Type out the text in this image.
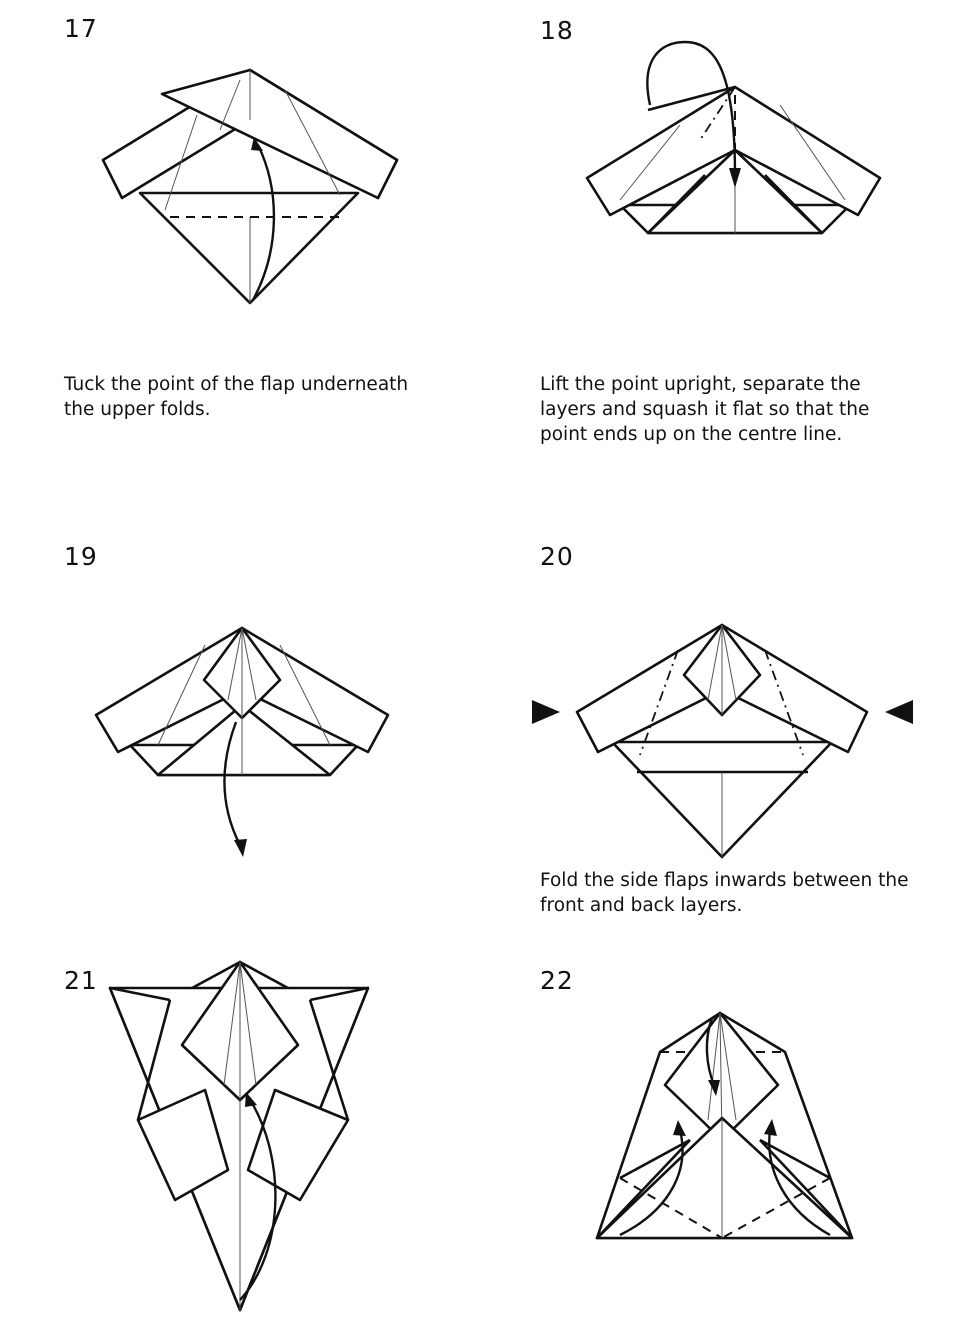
17
Tuck the point of the flap underneath the upper folds.
18
Lift the point upright, separate the layers and squash it flat so that the point ends up on the centre line.
19	20
Fold the side flaps inwards between the front and back layers.
21	22
